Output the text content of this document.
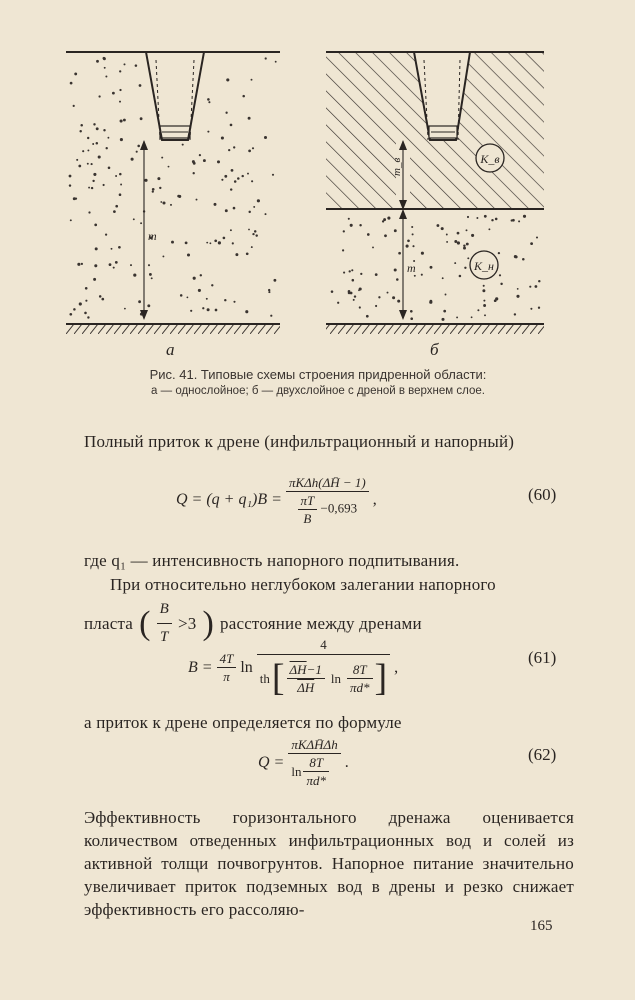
m
m_в
m
K_в
K_н
а	б
Рис. 41. Типовые схемы строения придренной области:
а — однослойное; б — двухслойное с дреной в верхнем слое.
Полный приток к дрене (инфильтрационный и напорный)
$Q = (q + q_1)B = \frac{\text{πKΔh(ΔH̄ − 1)}}{\frac{\pi T}{B} -0,693}$ ,	(60)
где q₁ — интенсивность напорного подпитывания.
При относительно неглубоком залегании напорного
пласта ( $\frac{B}{T} >3$ ) расстояние между дренами
$B = \frac{4T}{\pi}$ ln
4
th [ $\frac{\overline{\Delta H}-1}{\Delta H}$ $\ln \frac{8T}{\pi d*}$ ] ,	(61)
а приток к дрене определяется по формуле
$Q = \frac{\text{πKΔH̄Δh}}{\ln \frac{8T}{\pi d*}}$ .	(62)
Эффективность горизонтального дренажа оценивается количеством отведенных инфильтрационных вод и солей из активной толщи почвогрунтов. Напорное питание значительно увеличивает приток подземных вод в дрены и резко снижает эффективность его рассоляю-
165
